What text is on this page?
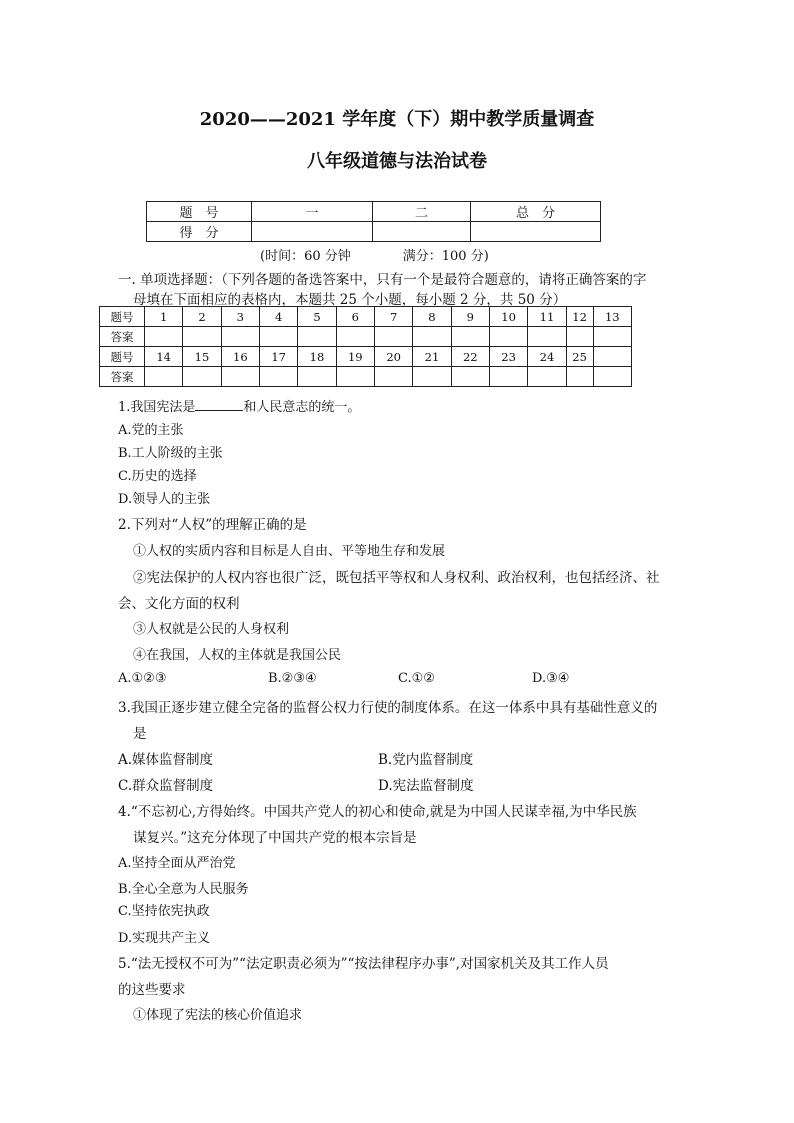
2020——2021 学年度（下）期中教学质量调查
八年级道德与法治试卷
题　号	一	二	总　分
得　分			
(时间：60 分钟　　　　满分：100 分)
一. 单项选择题：（下列各题的备选答案中，只有一个是最符合题意的，请将正确答案的字
母填在下面相应的表格内，本题共 25 个小题，每小题 2 分，共 50 分）
题号	1	2	3	4	5	6	7	8	9	10	11	12	13
答案													
题号	14	15	16	17	18	19	20	21	22	23	24	25	
答案													
1.我国宪法是	和人民意志的统一。
A.党的主张
B.工人阶级的主张
C.历史的选择
D.领导人的主张
2.下列对“人权”的理解正确的是
①人权的实质内容和目标是人自由、平等地生存和发展
②宪法保护的人权内容也很广泛，既包括平等权和人身权利、政治权利，也包括经济、社
会、文化方面的权利
③人权就是公民的人身权利
④在我国，人权的主体就是我国公民
A.①②③	B.②③④	C.①②	D.③④
3.我国正逐步建立健全完备的监督公权力行使的制度体系。在这一体系中具有基础性意义的
是
A.媒体监督制度	B.党内监督制度
C.群众监督制度	D.宪法监督制度
4.“不忘初心,方得始终。中国共产党人的初心和使命,就是为中国人民谋幸福,为中华民族
谋复兴。”这充分体现了中国共产党的根本宗旨是
A.坚持全面从严治党
B.全心全意为人民服务
C.坚持依宪执政
D.实现共产主义
5.“法无授权不可为”“法定职责必须为”“按法律程序办事”,对国家机关及其工作人员
的这些要求
①体现了宪法的核心价值追求
